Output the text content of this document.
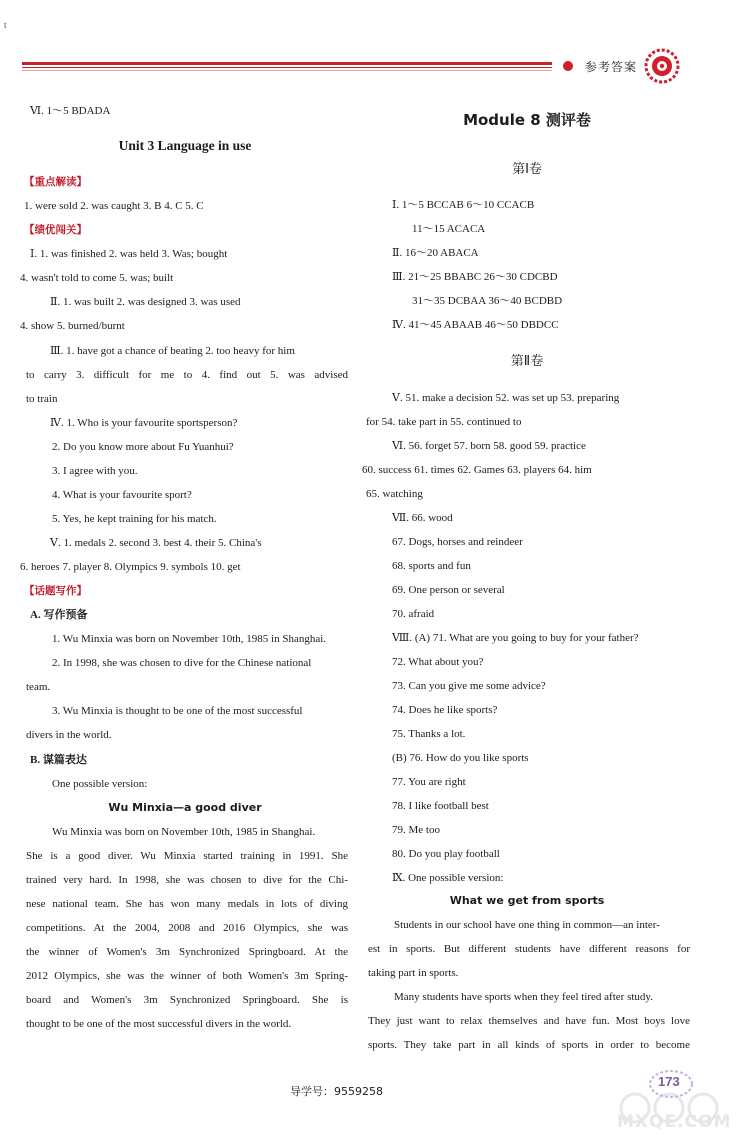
t
参考答案
Ⅵ. 1～5 BDADA
Unit 3 Language in use
【重点解读】
1. were sold 2. was caught 3. B 4. C 5. C
【绩优闯关】
Ⅰ. 1. was finished 2. was held 3. Was; bought
4. wasn't told to come 5. was; built
Ⅱ. 1. was built 2. was designed 3. was used
4. show 5. burned/burnt
Ⅲ. 1. have got a chance of beating 2. too heavy for him
to carry 3. difficult for me to 4. find out 5. was advised
to train
Ⅳ. 1. Who is your favourite sportsperson?
2. Do you know more about Fu Yuanhui?
3. I agree with you.
4. What is your favourite sport?
5. Yes, he kept training for his match.
Ⅴ. 1. medals 2. second 3. best 4. their 5. China's
6. heroes 7. player 8. Olympics 9. symbols 10. get
【话题写作】
A. 写作预备
1. Wu Minxia was born on November 10th, 1985 in Shanghai.
2. In 1998, she was chosen to dive for the Chinese national
team.
3. Wu Minxia is thought to be one of the most successful
divers in the world.
B. 谋篇表达
One possible version:
Wu Minxia—a good diver
Wu Minxia was born on November 10th, 1985 in Shanghai.
She is a good diver. Wu Minxia started training in 1991. She
trained very hard. In 1998, she was chosen to dive for the Chi-
nese national team. She has won many medals in lots of diving
competitions. At the 2004, 2008 and 2016 Olympics, she was
the winner of Women's 3m Synchronized Springboard. At the
2012 Olympics, she was the winner of both Women's 3m Spring-
board and Women's 3m Synchronized Springboard. She is
thought to be one of the most successful divers in the world.
Module 8 测评卷
第Ⅰ卷
Ⅰ. 1～5 BCCAB 6～10 CCACB
11～15 ACACA
Ⅱ. 16～20 ABACA
Ⅲ. 21～25 BBABC 26～30 CDCBD
31～35 DCBAA 36～40 BCDBD
Ⅳ. 41～45 ABAAB 46～50 DBDCC
第Ⅱ卷
Ⅴ. 51. make a decision 52. was set up 53. preparing
for 54. take part in 55. continued to
Ⅵ. 56. forget 57. born 58. good 59. practice
60. success 61. times 62. Games 63. players 64. him
65. watching
Ⅶ. 66. wood
67. Dogs, horses and reindeer
68. sports and fun
69. One person or several
70. afraid
Ⅷ. (A) 71. What are you going to buy for your father?
72. What about you?
73. Can you give me some advice?
74. Does he like sports?
75. Thanks a lot.
(B) 76. How do you like sports
77. You are right
78. I like football best
79. Me too
80. Do you play football
Ⅸ. One possible version:
What we get from sports
Students in our school have one thing in common—an inter-
est in sports. But different students have different reasons for
taking part in sports.
Many students have sports when they feel tired after study.
They just want to relax themselves and have fun. Most boys love
sports. They take part in all kinds of sports in order to become
导学号：9559258
173
MXQE.COM
